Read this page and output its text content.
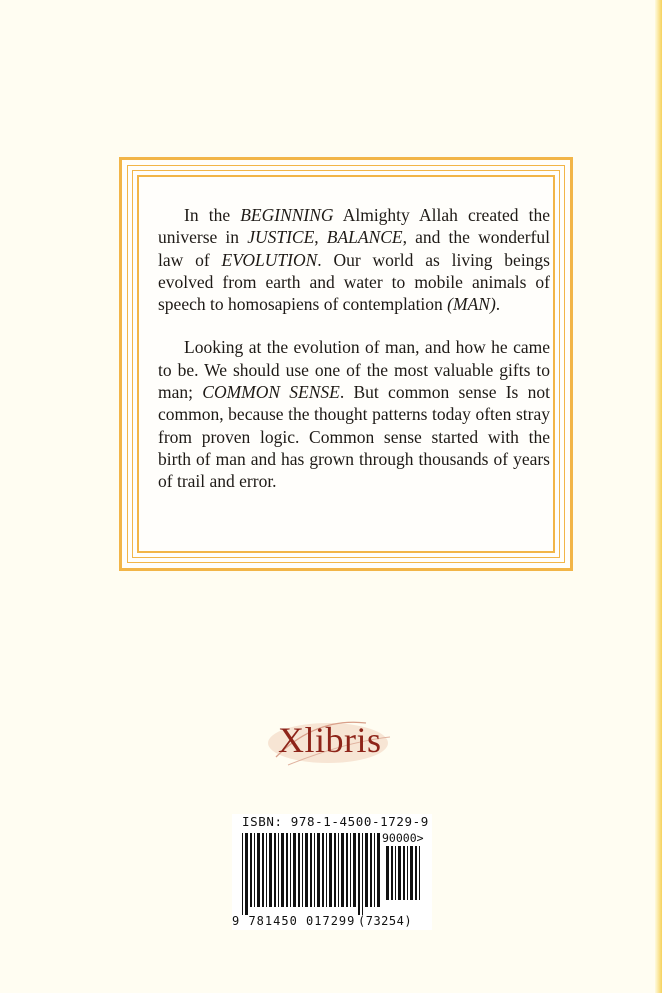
In the BEGINNING Almighty Allah created the universe in JUSTICE, BALANCE, and the wonderful law of EVOLUTION. Our world as living beings evolved from earth and water to mobile animals of speech to homosapiens of contemplation (MAN).

Looking at the evolution of man, and how he came to be. We should use one of the most valuable gifts to man; COMMON SENSE. But common sense Is not common, because the thought patterns today often stray from proven logic. Common sense started with the birth of man and has grown through thousands of years of trail and error.

Xlibris
ISBN: 978-1-4500-1729-9
90000>
9 781450 017299 (73254)
